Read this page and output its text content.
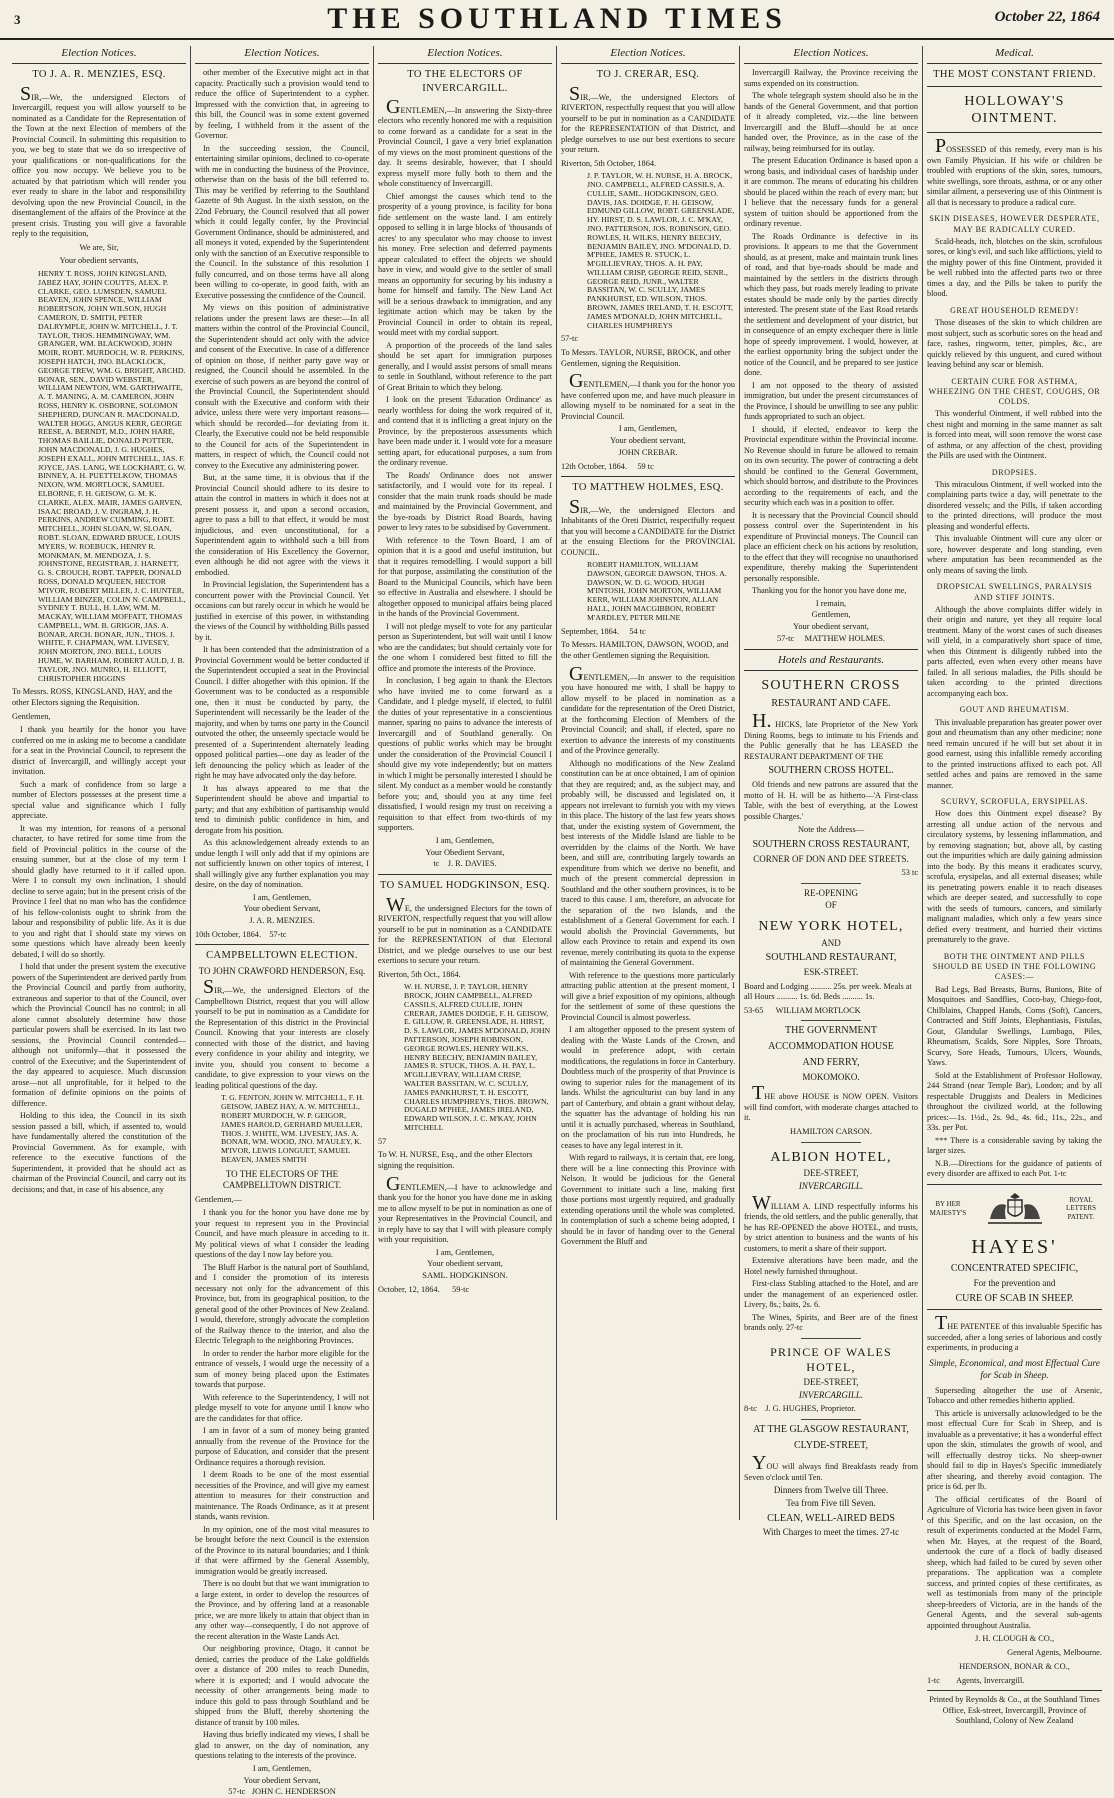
3	THE SOUTHLAND TIMES	October 22, 1864
Election Notices.
TO J. A. R. MENZIES, ESQ.

SIR,—We, the undersigned Electors of Invercargill, request you will allow yourself to be nominated as a Candidate for the Representation of the Town at the next Election of members of the Provincial Council. In submitting this requisition to you, we beg to state that we do so irrespective of your qualifications or non-qualifications for the office you now occupy. We believe you to be actuated by that patriotism which will render you ever ready to share in the labor and responsibility devolving upon the new Provincial Council, in the disentanglement of the affairs of the Province at the present crisis. Trusting you will give a favorable reply to the requisition,

We are, Sir,
Your obedient servants,
HENRY T. ROSS, JOHN KINGSLAND, JABEZ HAY, JOHN COUTTS, ALEX. P. CLARKE, GEO. LUMSDEN, SAMUEL BEAVEN, JOHN SPENCE, WILLIAM ROBERTSON, JOHN WILSON, HUGH CAMERON, D. SMITH, PETER DALRYMPLE, JOHN W. MITCHELL, J. T. TAYLOR, THOS. HEMMINGWAY, WM. GRANGER, WM. BLACKWOOD, JOHN MOIR, ROBT. MURDOCH, W. R. PERKINS, JOSEPH HATCH, JNO. BLACKLOCK, GEORGE TREW, WM. G. BRIGHT, ARCHD. BONAR, SEN., DAVID WEBSTER, WILLIAM NEWTON, WM. GARTHWAITE, A. T. MANING, A. M. CAMERON, JOHN ROSS, HENRY K. OSBORNE, SOLOMON SHEPHERD, DUNCAN R. MACDONALD, WALTER HOGG, ANGUS KERR, GEORGE REESE, A. BERNDT, M.D., JOHN HARE, THOMAS BAILLIE, DONALD POTTER, JOHN MACDONALD, J. G. HUGHES, JOSEPH EXALL, JOHN MITCHELL, JAS. F. JOYCE, JAS. LANG, WE LOCKHART, G. W. BINNEY, A. H. PUETTELKOW, THOMAS NIXON, WM. MORTLOCK, SAMUEL ELBORNE, F. H. GEISOW, G. M. K. CLARKE, ALEX. MAIR, JAMES GARVEN, ISAAC BROAD, J. V. INGRAM, J. H. PERKINS, ANDREW CUMMING, ROBT. MITCHELL, JOHN SLOAN, W. SLOAN, ROBT. SLOAN, EDWARD BRUCE, LOUIS MYERS, W. ROEBUCK, HENRY R. MONKMAN, M. MENDOZA, J. S. JOHNSTONE, REGISTRAR, J. HARNETT, G. S. CROUCH, ROBT. TAPPER, DONALD ROSS, DONALD M'QUEEN, HECTOR M'IVOR, ROBERT MILLER, J. C. HUNTER, WILLIAM BINZER, COLIN N. CAMPBELL, SYDNEY T. BULL, H. LAW, WM. M. MACKAY, WILLIAM MOFFATT, THOMAS CAMPBELL, WM. B. GRIGOR, JAS. A. BONAR, ARCH. BONAR, JUN., THOS. J. WHITE, F. CHAPMAN, WM. LIVESEY, JOHN MORTON, JNO. BELL, LOUIS HUME, W. BARHAM, ROBERT AULD, J. B. TAYLOR, JNO. MUNRO, H. ELLIOTT, CHRISTOPHER HIGGINS
To Messrs. ROSS, KINGSLAND, HAY, and the other Electors signing the Requisition.
Gentlemen,

I thank you heartily for the honor you have conferred on me in asking me to become a candidate for a seat in the Provincial Council, to represent the district of Invercargill, and willingly accept your invitation.

Such a mark of confidence from so large a number of Electors possesses at the present time a special value and significance which I fully appreciate.

It was my intention, for reasons of a personal character, to have retired for some time from the field of Provincial politics in the course of the ensuing summer, but at the close of my term I should gladly have returned to it if called upon. Were I to consult my own inclination, I should decline to serve again; but in the present crisis of the Province I feel that no man who has the confidence of his fellow-colonists ought to shrink from the labour and responsibility of public life. As it is due to you and right that I should state my views on some questions which have already been keenly debated, I will do so shortly.

I hold that under the present system the executive powers of the Superintendent are derived partly from the Provincial Council and partly from authority, extraneous and superior to that of the Council, over which the Provincial Council has no control; in all alone cannot absolutely determine how those particular powers shall be exercised. In its last two sessions, the Provincial Council contended—although not uniformly—that it possessed the control of the Executive; and the Superintendent of the day appeared to acquiesce. Much discussion arose—not all unprofitable, for it helped to the formation of definite opinions on the points of difference.

Holding to this idea, the Council in its sixth session passed a bill, which, if assented to, would have fundamentally altered the constitution of the Provincial Government. As for example, with reference to the executive functions of the Superintendent, it provided that he should act as chairman of the Provincial Council, and carry out its decisions; and that, in case of his absence, any

Election Notices.

other member of the Executive might act in that capacity. Practically such a provision would tend to reduce the office of Superintendent to a cypher. Impressed with the conviction that, in agreeing to this bill, the Council was in some extent governed by feeling, I withheld from it the assent of the Governor.

In the succeeding session, the Council, entertaining similar opinions, declined to co-operate with me in conducting the business of the Province, otherwise than on the basis of the bill referred to. This may be verified by referring to the Southland Gazette of 9th August. In the sixth session, on the 22nd February, the Council resolved that all power which it could legally confer, by the Provincial Government Ordinance, should be administered, and all moneys it voted, expended by the Superintendent only with the sanction of an Executive responsible to the Council. In the substance of this resolution I fully concurred, and on those terms have all along been willing to co-operate, in good faith, with an Executive possessing the confidence of the Council.

My views on this position of administrative relations under the present laws are these:—In all matters within the control of the Provincial Council, the Superintendent should act only with the advice and consent of the Executive. In case of a difference of opinion on those, if neither party gave way or resigned, the Council should be assembled. In the exercise of such powers as are beyond the control of the Provincial Council, the Superintendent should consult with the Executive and conform with their advice, unless there were very important reasons—which should be recorded—for deviating from it. Clearly, the Executive could not be held responsible to the Council for acts of the Superintendent in matters, in respect of which, the Council could not convey to the Executive any administering power.

But, at the same time, it is obvious that if the Provincial Council should adhere to its desire to attain the control in matters in which it does not at present possess it, and upon a second occasion, agree to pass a bill to that effect, it would be most injudicious, and even unconstitutional, for a Superintendent again to withhold such a bill from the consideration of His Excellency the Governor, even although he did not agree with the views it embodied.

In Provincial legislation, the Superintendent has a concurrent power with the Provincial Council. Yet occasions can but rarely occur in which he would be justified in exercise of this power, in withstanding the views of the Council by withholding Bills passed by it.

It has been contended that the administration of a Provincial Government would be better conducted if the Superintendent occupied a seat in the Provincial Council. I differ altogether with this opinion. If the Government was to be conducted as a responsible one, then it must be conducted by party, the Superintendent will necessarily be the leader of the majority, and when by turns one party in the Council outvoted the other, the unseemly spectacle would be presented of a Superintendent alternately leading opposed political parties—one day as leader of the left denouncing the policy which as leader of the right he may have advocated only the day before.

It has always appeared to me that the Superintendent should be above and impartial to party; and that any exhibition of partisanship would tend to diminish public confidence in him, and derogate from his position.

As this acknowledgement already extends to an undue length I will only add that if my opinions are not sufficiently known on other topics of interest, I shall willingly give any further explanation you may desire, on the day of nomination.

I am, Gentlemen,
Your obedient Servant,
J. A. R. MENZIES.
10th October, 1864. 57-tc
CAMPBELLTOWN ELECTION.
TO JOHN CRAWFORD HENDERSON, Esq.

SIR,—We, the undersigned Electors of the Campbelltown District, request that you will allow yourself to be put in nomination as a Candidate for the Representation of this district in the Provincial Council. Knowing that your interests are closely connected with those of the district, and having every confidence in your ability and integrity, we invite you, should you consent to become a candidate, to give expression to your views on the leading political questions of the day.

T. G. FENTON, JOHN W. MITCHELL, F. H. GEISOW, JABEZ HAY, A. W. MITCHELL, ROBERT MURDOCH, W. P. GEIGOR, JAMES HAROLD, GERHARD MUELLER, THOS. J. WHITE, WM. LIVESEY, JAS. A. BONAR, WM. WOOD, JNO. M'AULEY, K. M'IVOR, LEWIS LONGUET, SAMUEL BEAVEN, JAMES SMITH
TO THE ELECTORS OF THE CAMPBELLTOWN DISTRICT.
Gentlemen,—

I thank you for the honor you have done me by your request to represent you in the Provincial Council, and have much pleasure in acceding to it. My political views of what I consider the leading questions of the day I now lay before you.

The Bluff Harbor is the natural port of Southland, and I consider the promotion of its interests necessary not only for the advancement of this Province, but, from its geographical position, to the general good of the other Provinces of New Zealand. I would, therefore, strongly advocate the completion of the Railway thence to the interior, and also the Electric Telegraph to the neighboring Provinces.

In order to render the harbor more eligible for the entrance of vessels, I would urge the necessity of a sum of money being placed upon the Estimates towards that purpose.

With reference to the Superintendency, I will not pledge myself to vote for anyone until I know who are the candidates for that office.

I am in favor of a sum of money being granted annually from the revenue of the Province for the purpose of Education, and consider that the present Ordinance requires a thorough revision.

I deem Roads to be one of the most essential necessities of the Province, and will give my earnest attention to measures for their construction and maintenance. The Roads Ordinance, as it at present stands, wants revision.

In my opinion, one of the most vital measures to be brought before the next Council is the extension of the Province to its natural boundaries; and I think if that were affirmed by the General Assembly, immigration would be greatly increased.

There is no doubt but that we want immigration to a large extent, in order to develop the resources of the Province, and by offering land at a reasonable price, we are more likely to attain that object than in any other way—consequently, I do not approve of the recent alteration in the Waste Lands Act.

Our neighboring province, Otago, it cannot be denied, carries the produce of the Lake goldfields over a distance of 200 miles to reach Dunedin, where it is exported; and I would advocate the necessity of other arrangements being made to induce this gold to pass through Southland and be shipped from the Bluff, thereby shortening the distance of transit by 100 miles.

Having thus briefly indicated my views, I shall be glad to answer, on the day of nomination, any questions relating to the interests of the province.

I am, Gentlemen,
Your obedient Servant,
57-tc JOHN C. HENDERSON
Election Notices.
TO THE ELECTORS OF INVERCARGILL.

GENTLEMEN,—In answering the Sixty-three electors who recently honored me with a requisition to come forward as a candidate for a seat in the Provincial Council, I gave a very brief explanation of my views on the most prominent questions of the day. It seems desirable, however, that I should express myself more fully both to them and the whole constituency of Invercargill.

Chief amongst the causes which tend to the prosperity of a young province, is facility for bona fide settlement on the waste land. I am entirely opposed to selling it in large blocks of 'thousands of acres' to any speculator who may choose to invest his money. Free selection and deferred payments appear calculated to effect the objects we should have in view, and would give to the settler of small means an opportunity for securing by his industry a home for himself and family. The New Land Act will be a serious drawback to immigration, and any legitimate action which may be taken by the Provincial Council in order to obtain its repeal, would meet with my cordial support.

A proportion of the proceeds of the land sales should be set apart for immigration purposes generally, and I would assist persons of small means to settle in Southland, without reference to the part of Great Britain to which they belong.

I look on the present 'Education Ordinance' as nearly worthless for doing the work required of it, and contend that it is inflicting a great injury on the Province, by the preposterous assessments which have been made under it. I would vote for a measure setting apart, for educational purposes, a sum from the ordinary revenue.

The Roads' Ordinance does not answer satisfactorily, and I would vote for its repeal. I consider that the main trunk roads should be made and maintained by the Provincial Government, and the bye-roads by District Road Boards, having power to levy rates to be subsidised by Government.

With reference to the Town Board, I am of opinion that it is a good and useful institution, but that it requires remodelling. I would support a bill for that purpose, assimilating the constitution of the Board to the Municipal Councils, which have been so effective in Australia and elsewhere. I should be altogether opposed to municipal affairs being placed in the hands of the Provincial Government.

I will not pledge myself to vote for any particular person as Superintendent, but will wait until I know who are the candidates; but should certainly vote for the one whom I considered best fitted to fill the office and promote the interests of the Province.

In conclusion, I beg again to thank the Electors who have invited me to come forward as a Candidate, and I pledge myself, if elected, to fulfil the duties of your representative in a conscientious manner, sparing no pains to advance the interests of Invercargill and of Southland generally. On questions of public works which may be brought under the consideration of the Provincial Council I should give my vote independently; but on matters in which I might be personally interested I should be silent. My conduct as a member would be constantly before you; and, should you at any time feel dissatisfied, I would resign my trust on receiving a requisition to that effect from two-thirds of my supporters.

I am, Gentlemen,
Your Obedient Servant,
tc J. R. DAVIES.
TO SAMUEL HODGKINSON, ESQ.

WE, the undersigned Electors for the town of RIVERTON, respectfully request that you will allow yourself to be put in nomination as a CANDIDATE for the REPRESENTATION of that Electoral District, and we pledge ourselves to use our best exertions to secure your return.

Riverton, 5th Oct., 1864.
W. H. NURSE, J. P. TAYLOR, HENRY BROCK, JOHN CAMPBELL, ALFRED CASSILS, ALFRED CULLIE, JOHN CRERAR, JAMES DOIDGE, F. H. GEISOW, E. GILLOW, R. GREENSLADE, H. HIRST, D. S. LAWLOR, JAMES M'DONALD, JOHN PATTERSON, JOSEPH ROBINSON, GEORGE ROWLES, HENRY WILKS, HENRY BEECHY, BENJAMIN BAILEY, JAMES R. STUCK, THOS. A. H. PAY, L. M'GILLIEVRAY, WILLIAM CRISP, WALTER BASSITAN, W. C. SCULLY, JAMES PANKHURST, T. H. ESCOTT, CHARLES HUMPHREYS, THOS. BROWN, DUGALD M'PHEE, JAMES IRELAND, EDWARD WILSON, J. C. M'KAY, JOHN MITCHELL
57
To W. H. NURSE, Esq., and the other Electors signing the requisition.

GENTLEMEN,—I have to acknowledge and thank you for the honor you have done me in asking me to allow myself to be put in nomination as one of your Representatives in the Provincial Council, and in reply have to say that I will with pleasure comply with your requisition.

I am, Gentlemen,
Your obedient servant,
SAML. HODGKINSON.
October, 12, 1864. 59-tc
Election Notices.
TO J. CRERAR, ESQ.

SIR,—We, the undersigned Electors of RIVERTON, respectfully request that you will allow yourself to be put in nomination as a CANDIDATE for the REPRESENTATION of that District, and pledge ourselves to use our best exertions to secure your return.

Riverton, 5th October, 1864.
J. P. TAYLOR, W. H. NURSE, H. A. BROCK, JNO. CAMPBELL, ALFRED CASSILS, A. CULLIE, SAML. HODGKINSON, GEO. DAVIS, JAS. DOIDGE, F. H. GEISOW, EDMUND GILLOW, ROBT. GREENSLADE, HY. HIRST, D. S. LAWLOR, J. C. M'KAY, JNO. PATTERSON, JOS. ROBINSON, GEO. ROWLES, H. WILKS, HENRY BEECHY, BENJAMIN BAILEY, JNO. M'DONALD, D. M'PHEE, JAMES R. STUCK, L. M'GILLIEVRAY, THOS. A. H. PAY, WILLIAM CRISP, GEORGE REID, SENR., GEORGE REID, JUNR., WALTER BASSITAN, W. C. SCULLY, JAMES PANKHURST, ED. WILSON, THOS. BROWN, JAMES IRELAND, T. H. ESCOTT, JAMES M'DONALD, JOHN MITCHELL, CHARLES HUMPHREYS
57-tc
To Messrs. TAYLOR, NURSE, BROCK, and other Gentlemen, signing the Requisition.

GENTLEMEN,—I thank you for the honor you have conferred upon me, and have much pleasure in allowing myself to be nominated for a seat in the Provincial Council.

I am, Gentlemen,
Your obedient servant,
JOHN CREBAR.
12th October, 1864. 59 tc
TO MATTHEW HOLMES, ESQ.

SIR,—We, the undersigned Electors and Inhabitants of the Oreti District, respectfully request that you will become a CANDIDATE for the District at the ensuing Elections for the PROVINCIAL COUNCIL.

ROBERT HAMILTON, WILLIAM DAWSON, GEORGE DAWSON, THOS. A. DAWSON, W. D. G. WOOD, HUGH M'INTOSH, JOHN MORTON, WILLIAM KERR, WILLIAM JOHNSTON, ALLAN HALL, JOHN MACGIBBON, ROBERT M'ARDLEY, PETER MILNE
September, 1864. 54 tc
To Messrs. HAMILTON, DAWSON, WOOD, and the other Gentlemen signing the Requisition.

GENTLEMEN,—In answer to the requisition you have honoured me with, I shall be happy to allow myself to be placed in nomination as a candidate for the representation of the Oreti District, at the forthcoming Election of Members of the Provincial Council; and shall, if elected, spare no exertion to advance the interests of my constituents and of the Province generally.

Although no modifications of the New Zealand constitution can be at once obtained, I am of opinion that they are required; and, as the subject may, and probably will, be discussed and legislated on, it appears not irrelevant to furnish you with my views in this place. The history of the last few years shows that, under the existing system of Government, the best interests of the Middle Island are liable to be overridden by the claims of the North. We have been, and still are, contributing largely towards an expenditure from which we derive no benefit, and much of the present commercial depression in Southland and the other southern provinces, is to be traced to this cause. I am, therefore, an advocate for the separation of the two Islands, and the establishment of a General Government for each. I would abolish the Provincial Governments, but allow each Province to retain and expend its own revenue, merely contributing its quota to the expense of maintaining the General Government.

With reference to the questions more particularly attracting public attention at the present moment, I will give a brief exposition of my opinions, although for the settlement of some of these questions the Provincial Council is almost powerless.

I am altogether opposed to the present system of dealing with the Waste Lands of the Crown, and would in preference adopt, with certain modifications, the regulations in force in Canterbury. Doubtless much of the prosperity of that Province is owing to superior rules for the management of its lands. Whilst the agriculturist can buy land in any part of Canterbury, and obtain a grant without delay, the squatter has the advantage of holding his run until it is actually purchased, whereas in Southland, on the proclamation of his run into Hundreds, he ceases to have any legal interest in it.

With regard to railways, it is certain that, ere long, there will be a line connecting this Province with Nelson. It would be judicious for the General Government to initiate such a line, making first those portions most urgently required, and gradually extending operations until the whole was completed. In contemplation of such a scheme being adopted, I should be in favor of handing over to the General Government the Bluff and

Election Notices.

Invercargill Railway, the Province receiving the sums expended on its construction.

The whole telegraph system should also be in the hands of the General Government, and that portion of it already completed, viz.—the line between Invercargill and the Bluff—should be at once handed over, the Province, as in the case of the railway, being reimbursed for its outlay.

The present Education Ordinance is based upon a wrong basis, and individual cases of hardship under it are common. The means of educating his children should be placed within the reach of every man; but I believe that the necessary funds for a general system of tuition should be apportioned from the ordinary revenue.

The Roads Ordinance is defective in its provisions. It appears to me that the Government should, as at present, make and maintain trunk lines of road, and that bye-roads should be made and maintained by the settlers in the districts through which they pass, but roads merely leading to private estates should be made only by the parties directly interested. The present state of the East Road retards the settlement and development of your district, but in consequence of an empty exchequer there is little hope of speedy improvement. I would, however, at the earliest opportunity bring the subject under the notice of the Council, and be prepared to see justice done.

I am not opposed to the theory of assisted immigration, but under the present circumstances of the Province, I should be unwilling to see any public funds appropriated to such an object.

I should, if elected, endeavor to keep the Provincial expenditure within the Provincial income. No Revenue should in future be allowed to remain on its own security. The power of contracting a debt should be confined to the General Government, which should borrow, and distribute to the Provinces according to the requirements of each, and the security which each was in a position to offer.

It is necessary that the Provincial Council should possess control over the Superintendent in his expenditure of Provincial moneys. The Council can place an efficient check on his actions by resolution, to the effect that they will recognise no unauthorised expenditure, thereby making the Superintendent personally responsible.

Thanking you for the honor you have done me,

I remain,
Gentlemen,
Your obedient servant,
57-tc MATTHEW HOLMES.
Hotels and Restaurants.
SOUTHERN CROSS
RESTAURANT AND CAFE.

H. HICKS, late Proprietor of the New York Dining Rooms, begs to intimate to his Friends and the Public generally that he has LEASED the RESTAURANT DEPARTMENT OF THE

SOUTHERN CROSS HOTEL.

Old friends and new patrons are assured that the motto of H. H. will be as hitherto—'A First-class Table, with the best of everything, at the Lowest possible Charges.'

Note the Address—
SOUTHERN CROSS RESTAURANT,
CORNER OF DON AND DEE STREETS.
53 tc
RE-OPENING
OF
NEW YORK HOTEL,
AND
SOUTHLAND RESTAURANT,
ESK-STREET.
Board and Lodging .......... 25s. per week. Meals at all Hours .......... 1s. 6d. Beds .......... 1s.
53-65 WILLIAM MORTLOCK
THE GOVERNMENT
ACCOMMODATION HOUSE
AND FERRY,
MOKOMOKO.

THE above HOUSE is NOW OPEN. Visitors will find comfort, with moderate charges attached to it.

HAMILTON CARSON.
ALBION HOTEL,
DEE-STREET,
INVERCARGILL.

WILLIAM A. LIND respectfully informs his friends, the old settlers, and the public generally, that he has RE-OPENED the above HOTEL, and trusts, by strict attention to business and the wants of his customers, to merit a share of their support.

Extensive alterations have been made, and the Hotel newly furnished throughout.

First-class Stabling attached to the Hotel, and are under the management of an experienced ostler. Livery, 8s.; baits, 2s. 6.

The Wines, Spirits, and Beer are of the finest brands only. 27-tc

PRINCE OF WALES HOTEL,
DEE-STREET,
INVERCARGILL.
8-tc J. G. HUGHES, Proprietor.
AT THE GLASGOW RESTAURANT,
CLYDE-STREET,

YOU will always find Breakfasts ready from Seven o'clock until Ten.

Dinners from Twelve till Three.
Tea from Five till Seven.
CLEAN, WELL-AIRED BEDS
With Charges to meet the times. 27-tc
Medical.
THE MOST CONSTANT FRIEND.
HOLLOWAY'S OINTMENT.

POSSESSED of this remedy, every man is his own Family Physician. If his wife or children be troubled with eruptions of the skin, sores, tumours, white swellings, sore throats, asthma, or or any other similar ailment, a persevering use of this Ointment is all that is necessary to produce a radical cure.

SKIN DISEASES, HOWEVER DESPERATE, MAY BE RADICALLY CURED.

Scald-heads, itch, blotches on the skin, scrofulous sores, or king's evil, and such like afflictions, yield to the mighty power of this fine Ointment, provided it be well rubbed into the affected parts two or three times a day, and the Pills be taken to purify the blood.

GREAT HOUSEHOLD REMEDY!

Those diseases of the skin to which children are most subject, such as scorbutic sores on the head and face, rashes, ringworm, tetter, pimples, &c., are quickly relieved by this unguent, and cured without leaving behind any scar or blemish.

CERTAIN CURE FOR ASTHMA, WHEEZING ON THE CHEST, COUGHS, OR COLDS.

This wonderful Ointment, if well rubbed into the chest night and morning in the same manner as salt is forced into meat, will soon remove the worst case of asthma, or any affection of the chest, providing the Pills are used with the Ointment.

DROPSIES.

This miraculous Ointment, if well worked into the complaining parts twice a day, will penetrate to the disordered vessels; and the Pills, if taken according to the printed directions, will produce the most pleasing and wonderful effects.

This invaluable Ointment will cure any ulcer or sore, however desperate and long standing, even where amputation has been recommended as the only means of saving the limb.

DROPSICAL SWELLINGS, PARALYSIS AND STIFF JOINTS.

Although the above complaints differ widely in their origin and nature, yet they all require local treatment. Many of the worst cases of such diseases will yield, in a comparatively short space of time, when this Ointment is diligently rubbed into the parts affected, even when every other means have failed. In all serious maladies, the Pills should be taken according to the printed directions accompanying each box.

GOUT AND RHEUMATISM.

This invaluable preparation has greater power over gout and rheumatism than any other medicine; none need remain uncured if he will but set about it in good earnest, using this infallible remedy according to the printed instructions affixed to each pot. All settled aches and pains are removed in the same manner.

SCURVY, SCROFULA, ERYSIPELAS.

How does this Ointment expel disease? By arresting all undue action of the nervous and circulatory systems, by lessening inflammation, and by removing stagnation; but, above all, by casting out the impurities which are daily gaining admission into the body. By this means it eradicates scurvy, scrofula, erysipelas, and all external diseases; while its penetrating powers enable it to reach diseases which are deeper seated, and successfully to cope with the seeds of tumours, cancers, and similarly malignant maladies, which only a few years since defied every treatment, and hurried their victims prematurely to the grave.

BOTH THE OINTMENT AND PILLS SHOULD BE USED IN THE FOLLOWING CASES:—

Bad Legs, Bad Breasts, Burns, Bunions, Bite of Mosquitoes and Sandflies, Coco-bay, Chiego-foot, Chilblains, Chapped Hands, Corns (Soft), Cancers, Contracted and Stiff Joints, Elephantiasis, Fistulas, Gout, Glandular Swellings, Lumbago, Piles, Rheumatism, Scalds, Sore Nipples, Sore Throats, Scurvy, Sore Heads, Tumours, Ulcers, Wounds, Yaws.

Sold at the Establishment of Professor Holloway, 244 Strand (near Temple Bar), London; and by all respectable Druggists and Dealers in Medicines throughout the civilized world, at the following prices:—1s. 1½d., 2s. 9d., 4s. 6d., 11s., 22s., and 33s. per Pot.

*** There is a considerable saving by taking the larger sizes.

N.B.—Directions for the guidance of patients of every disorder are affixed to each Pot. 1-tc

BY HER MAJESTY'S
ROYAL LETTERS PATENT.
HAYES'
CONCENTRATED SPECIFIC,
For the prevention and
CURE OF SCAB IN SHEEP.

THE PATENTEE of this invaluable Specific has succeeded, after a long series of laborious and costly experiments, in producing a

Simple, Economical, and most Effectual Cure for Scab in Sheep.

Superseding altogether the use of Arsenic, Tobacco and other remedies hitherto applied.

This article is universally acknowledged to be the most effectual Cure for Scab in Sheep, and is invaluable as a preventative; it has a wonderful effect upon the skin, stimulates the growth of wool, and will effectually destroy ticks. No sheep-owner should fail to dip in Hayes's Specific immediately after shearing, and thereby avoid contagion. The price is 6d. per lb.

The official certificates of the Board of Agriculture of Victoria has twice been given in favor of this Specific, and on the last occasion, on the result of experiments conducted at the Model Farm, when Mr. Hayes, at the request of the Board, undertook the cure of a flock of badly diseased sheep, which had failed to be cured by seven other preparations. The application was a complete success, and printed copies of these certificates, as well as testimonials from many of the principle sheep-breeders of Victoria, are in the hands of the General Agents, and the several sub-agents appointed throughout Australia.

J. H. CLOUGH & CO.,
General Agents, Melbourne.
HENDERSON, BONAR & CO.,
1-tc Agents, Invercargill.
Printed by Reynolds & Co., at the Southland Times Office, Esk-street, Invercargill, Province of Southland, Colony of New Zealand
